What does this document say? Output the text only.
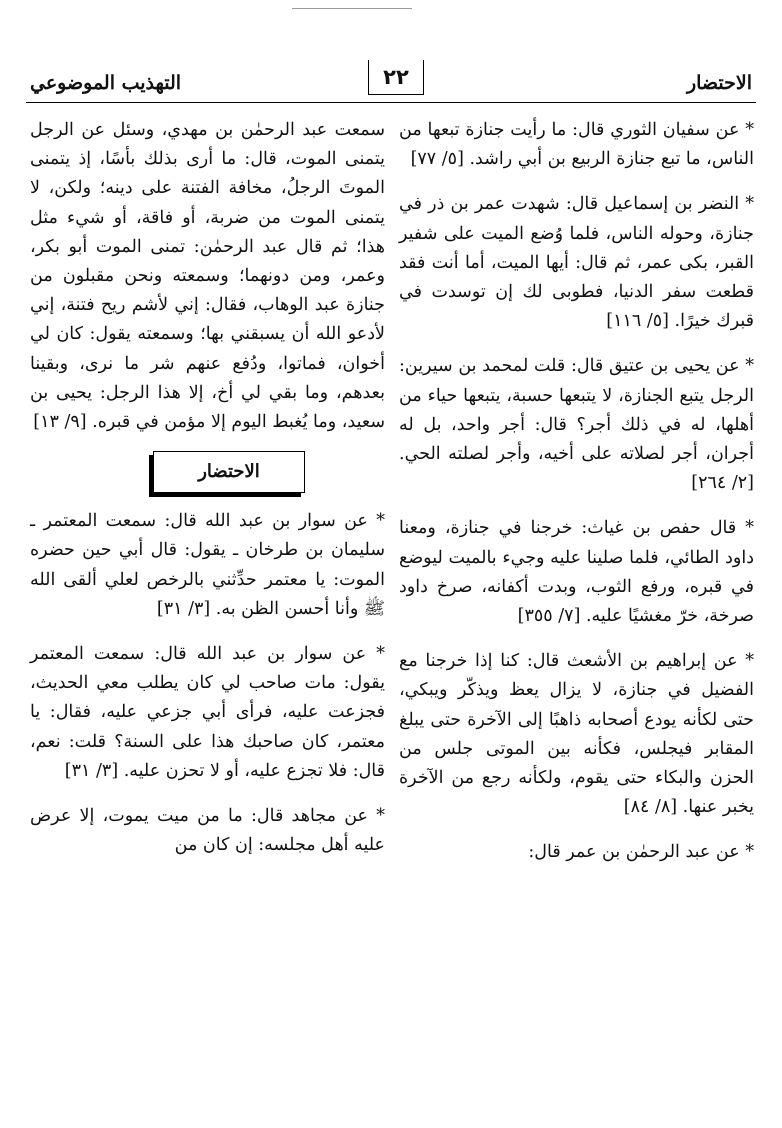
الاحتضار
٢٢
التهذيب الموضوعي

* عن سفيان الثوري قال: ما رأيت جنازة تبعها من الناس، ما تبع جنازة الربيع بن أبي راشد. [٥/ ٧٧]

* النضر بن إسماعيل قال: شهدت عمر بن ذر في جنازة، وحوله الناس، فلما وُضع الميت على شفير القبر، بكى عمر، ثم قال: أيها الميت، أما أنت فقد قطعت سفر الدنيا، فطوبى لك إن توسدت في قبرك خيرًا. [٥/ ١١٦]

* عن يحيى بن عتيق قال: قلت لمحمد بن سيرين: الرجل يتبع الجنازة، لا يتبعها حسبة، يتبعها حياء من أهلها، له في ذلك أجر؟ قال: أجر واحد، بل له أجران، أجر لصلاته على أخيه، وأجر لصلته الحي. [٢/ ٢٦٤]

* قال حفص بن غياث: خرجنا في جنازة، ومعنا داود الطائي، فلما صلينا عليه وجيء بالميت ليوضع في قبره، ورفع الثوب، وبدت أكفانه، صرخ داود صرخة، خرّ مغشيًا عليه. [٧/ ٣٥٥]

* عن إبراهيم بن الأشعث قال: كنا إذا خرجنا مع الفضيل في جنازة، لا يزال يعظ ويذكّر ويبكي، حتى لكأنه يودع أصحابه ذاهبًا إلى الآخرة حتى يبلغ المقابر فيجلس، فكأنه بين الموتى جلس من الحزن والبكاء حتى يقوم، ولكأنه رجع من الآخرة يخبر عنها. [٨/ ٨٤]

* عن عبد الرحمٰن بن عمر قال:

سمعت عبد الرحمٰن بن مهدي، وسئل عن الرجل يتمنى الموت، قال: ما أرى بذلك بأسًا، إذ يتمنى الموتَ الرجلُ، مخافة الفتنة على دينه؛ ولكن، لا يتمنى الموت من ضربة، أو فاقة، أو شيء مثل هذا؛ ثم قال عبد الرحمٰن: تمنى الموت أبو بكر، وعمر، ومن دونهما؛ وسمعته ونحن مقبلون من جنازة عبد الوهاب، فقال: إني لأشم ريح فتنة، إني لأدعو الله أن يسبقني بها؛ وسمعته يقول: كان لي أخوان، فماتوا، ودُفع عنهم شر ما نرى، وبقينا بعدهم، وما بقي لي أخ، إلا هذا الرجل: يحيى بن سعيد، وما يُغبط اليوم إلا مؤمن في قبره. [٩/ ١٣]

الاحتضار

* عن سوار بن عبد الله قال: سمعت المعتمر ـ سليمان بن طرخان ـ يقول: قال أبي حين حضره الموت: يا معتمر حدِّثني بالرخص لعلي ألقى الله ﷺ وأنا أحسن الظن به. [٣/ ٣١]

* عن سوار بن عبد الله قال: سمعت المعتمر يقول: مات صاحب لي كان يطلب معي الحديث، فجزعت عليه، فرأى أبي جزعي عليه، فقال: يا معتمر، كان صاحبك هذا على السنة؟ قلت: نعم، قال: فلا تجزع عليه، أو لا تحزن عليه. [٣/ ٣١]

* عن مجاهد قال: ما من ميت يموت، إلا عرض عليه أهل مجلسه: إن كان من
